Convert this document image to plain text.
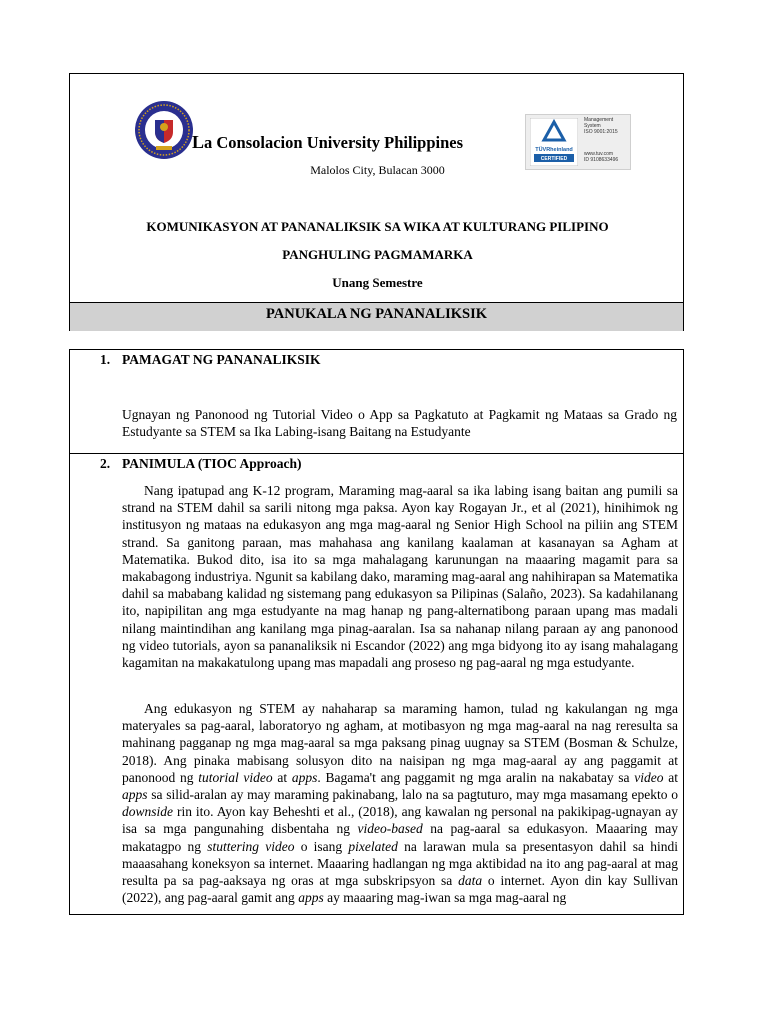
La Consolacion University Philippines
Malolos City, Bulacan 3000
TÜVRheinland
CERTIFIED
Management
System
ISO 9001:2015
www.tuv.com
ID 9108633496
KOMUNIKASYON AT PANANALIKSIK SA WIKA AT KULTURANG PILIPINO
PANGHULING PAGMAMARKA
Unang Semestre
PANUKALA NG PANANALIKSIK
1. PAMAGAT NG PANANALIKSIK
Ugnayan ng Panonood ng Tutorial Video o App sa Pagkatuto at Pagkamit ng Mataas sa Grado ng Estudyante sa STEM sa Ika Labing-isang Baitang na Estudyante
2. PANIMULA (TIOC Approach)

Nang ipatupad ang K-12 program, Maraming mag-aaral sa ika labing isang baitan ang pumili sa strand na STEM dahil sa sarili nitong mga paksa. Ayon kay Rogayan Jr., et al (2021), hinihimok ng institusyon ng mataas na edukasyon ang mga mag-aaral ng Senior High School na piliin ang STEM strand. Sa ganitong paraan, mas mahahasa ang kanilang kaalaman at kasanayan sa Agham at Matematika. Bukod dito, isa ito sa mga mahalagang karunungan na maaaring magamit para sa makabagong industriya. Ngunit sa kabilang dako, maraming mag-aaral ang nahihirapan sa Matematika dahil sa mababang kalidad ng sistemang pang edukasyon sa Pilipinas (Salaño, 2023). Sa kadahilanang ito, napipilitan ang mga estudyante na mag hanap ng pang-alternatibong paraan upang mas madali nilang maintindihan ang kanilang mga pinag-aaralan. Isa sa nahanap nilang paraan ay ang panonood ng video tutorials, ayon sa pananaliksik ni Escandor (2022) ang mga bidyong ito ay isang mahalagang kagamitan na makakatulong upang mas mapadali ang proseso ng pag-aaral ng mga estudyante.

Ang edukasyon ng STEM ay nahaharap sa maraming hamon, tulad ng kakulangan ng mga materyales sa pag-aaral, laboratoryo ng agham, at motibasyon ng mga mag-aaral na nag reresulta sa mahinang pagganap ng mga mag-aaral sa mga paksang pinag uugnay sa STEM (Bosman & Schulze, 2018). Ang pinaka mabisang solusyon dito na naisipan ng mga mag-aaral ay ang paggamit at panonood ng tutorial video at apps. Bagama't ang paggamit ng mga aralin na nakabatay sa video at apps sa silid-aralan ay may maraming pakinabang, lalo na sa pagtuturo, may mga masamang epekto o downside rin ito. Ayon kay Beheshti et al., (2018), ang kawalan ng personal na pakikipag-ugnayan ay isa sa mga pangunahing disbentaha ng video-based na pag-aaral sa edukasyon. Maaaring may makatagpo ng stuttering video o isang pixelated na larawan mula sa presentasyon dahil sa hindi maaasahang koneksyon sa internet. Maaaring hadlangan ng mga aktibidad na ito ang pag-aaral at mag resulta pa sa pag-aaksaya ng oras at mga subskripsyon sa data o internet. Ayon din kay Sullivan (2022), ang pag-aaral gamit ang apps ay maaaring mag-iwan sa mga mag-aaral ng
